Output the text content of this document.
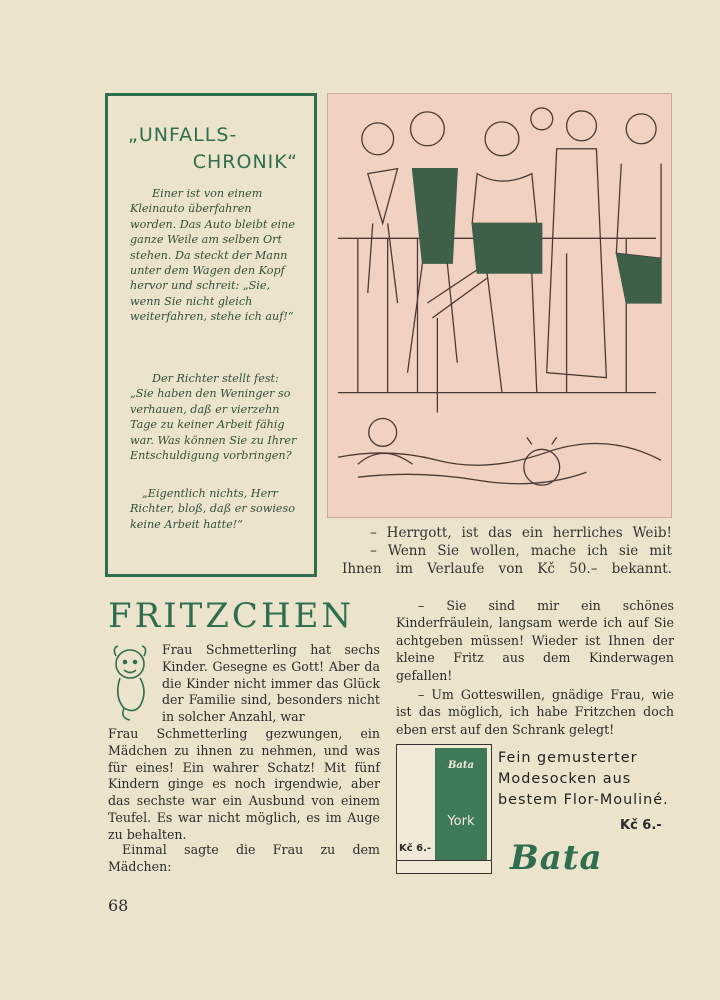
„UNFALLS-
CHRONIK“
Einer ist von einem Kleinauto überfahren worden. Das Auto bleibt eine ganze Weile am selben Ort stehen. Da steckt der Mann unter dem Wagen den Kopf hervor und schreit: „Sie, wenn Sie nicht gleich weiterfahren, stehe ich auf!“
Der Richter stellt fest: „Sie haben den Weninger so verhauen, daß er vierzehn Tage zu keiner Arbeit fähig war. Was können Sie zu Ihrer Entschuldigung vorbringen?
„Eigentlich nichts, Herr Richter, bloß, daß er sowieso keine Arbeit hatte!“
– Herrgott, ist das ein herrliches Weib!
– Wenn Sie wollen, mache ich sie mit
Ihnen im Verlaufe von Kč 50.– bekannt.
FRITZCHEN
Frau Schmetterling hat sechs Kinder. Gesegne es Gott! Aber da die Kinder nicht immer das Glück der Familie sind, besonders nicht in solcher Anzahl, war
Frau Schmetterling gezwungen, ein Mädchen zu ihnen zu nehmen, und was für eines! Ein wahrer Schatz! Mit fünf Kindern ginge es noch irgendwie, aber das sechste war ein Ausbund von einem Teufel. Es war nicht möglich, es im Auge zu behalten.
Einmal sagte die Frau zu dem Mädchen:

– Sie sind mir ein schönes Kinderfräulein, langsam werde ich auf Sie achtgeben müssen! Wieder ist Ihnen der kleine Fritz aus dem Kinderwagen gefallen!

– Um Gotteswillen, gnädige Frau, wie ist das möglich, ich habe Fritzchen doch eben erst auf den Schrank gelegt!

Bata
York
Kč 6.-
Fein gemusterter
Modesocken aus
bestem Flor-Mouliné.
Kč 6.-
Bata
68
